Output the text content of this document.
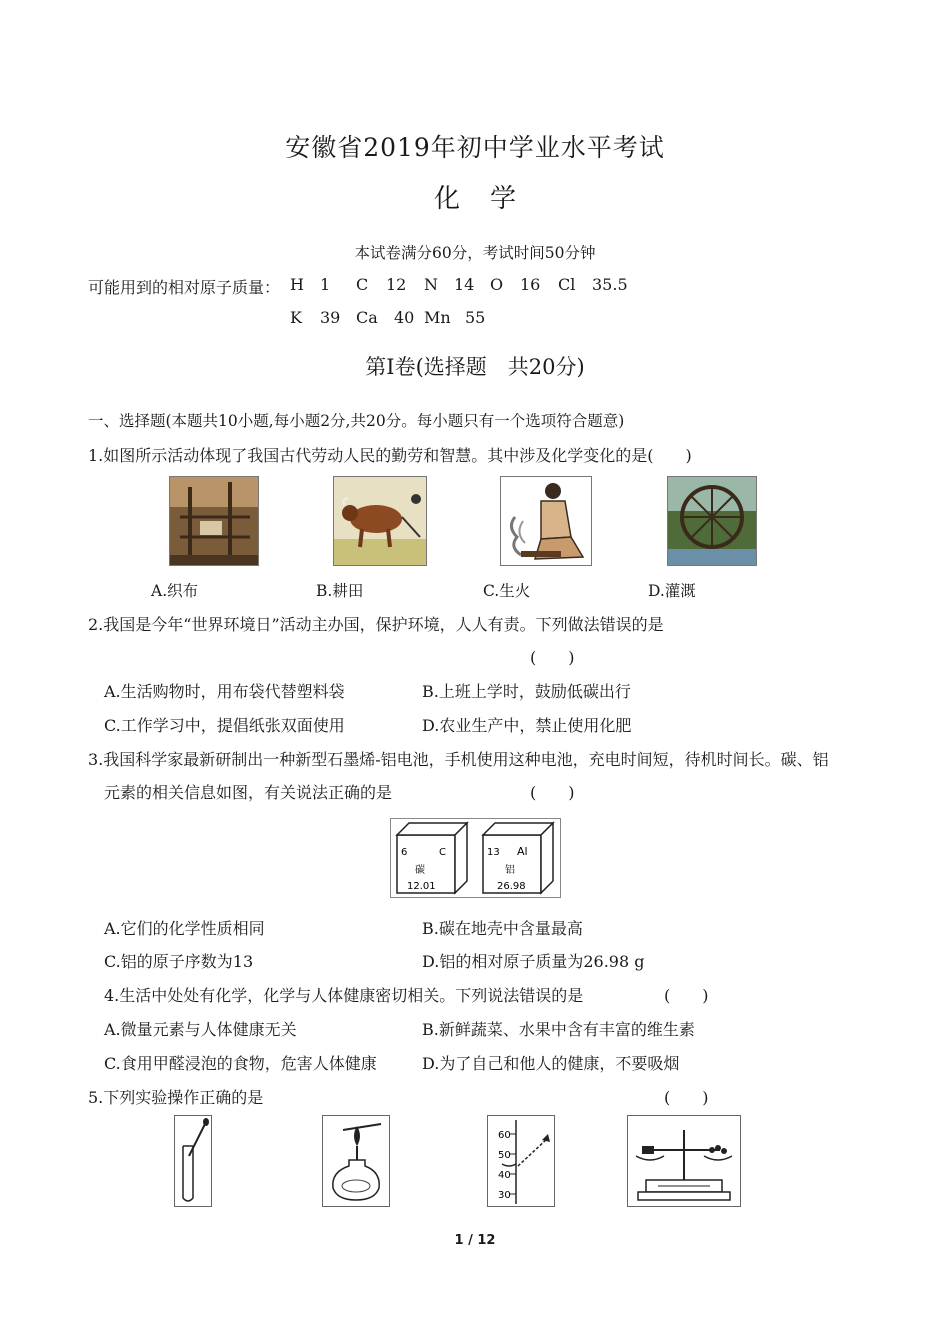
安徽省2019年初中学业水平考试
化学
本试卷满分60分，考试时间50分钟
可能用到的相对原子质量： H 1 C 12 N 14 O 16 Cl 35.5
K 39 Ca 40 Mn 55
第Ⅰ卷(选择题　共20分)
一、选择题(本题共10小题,每小题2分,共20分。每小题只有一个选项符合题意)
1.如图所示活动体现了我国古代劳动人民的勤劳和智慧。其中涉及化学变化的是(　　)
A.织布	B.耕田	C.生火	D.灌溉
2.我国是今年“世界环境日”活动主办国，保护环境，人人有责。下列做法错误的是
(　　)
A.生活购物时，用布袋代替塑料袋	B.上班上学时，鼓励低碳出行
C.工作学习中，提倡纸张双面使用	D.农业生产中，禁止使用化肥
3.我国科学家最新研制出一种新型石墨烯-铝电池，手机使用这种电池，充电时间短，待机时间长。碳、铝
元素的相关信息如图，有关说法正确的是	(　　)
6	C
碳
12.01
13 Al
铝
26.98
A.它们的化学性质相同	B.碳在地壳中含量最高
C.铝的原子序数为13	D.铝的相对原子质量为26.98 g
4.生活中处处有化学，化学与人体健康密切相关。下列说法错误的是	(　　)
A.微量元素与人体健康无关	B.新鲜蔬菜、水果中含有丰富的维生素
C.食用甲醛浸泡的食物，危害人体健康	D.为了自己和他人的健康，不要吸烟
5.下列实验操作正确的是	(　　)
60
50
40
30
1 / 12
